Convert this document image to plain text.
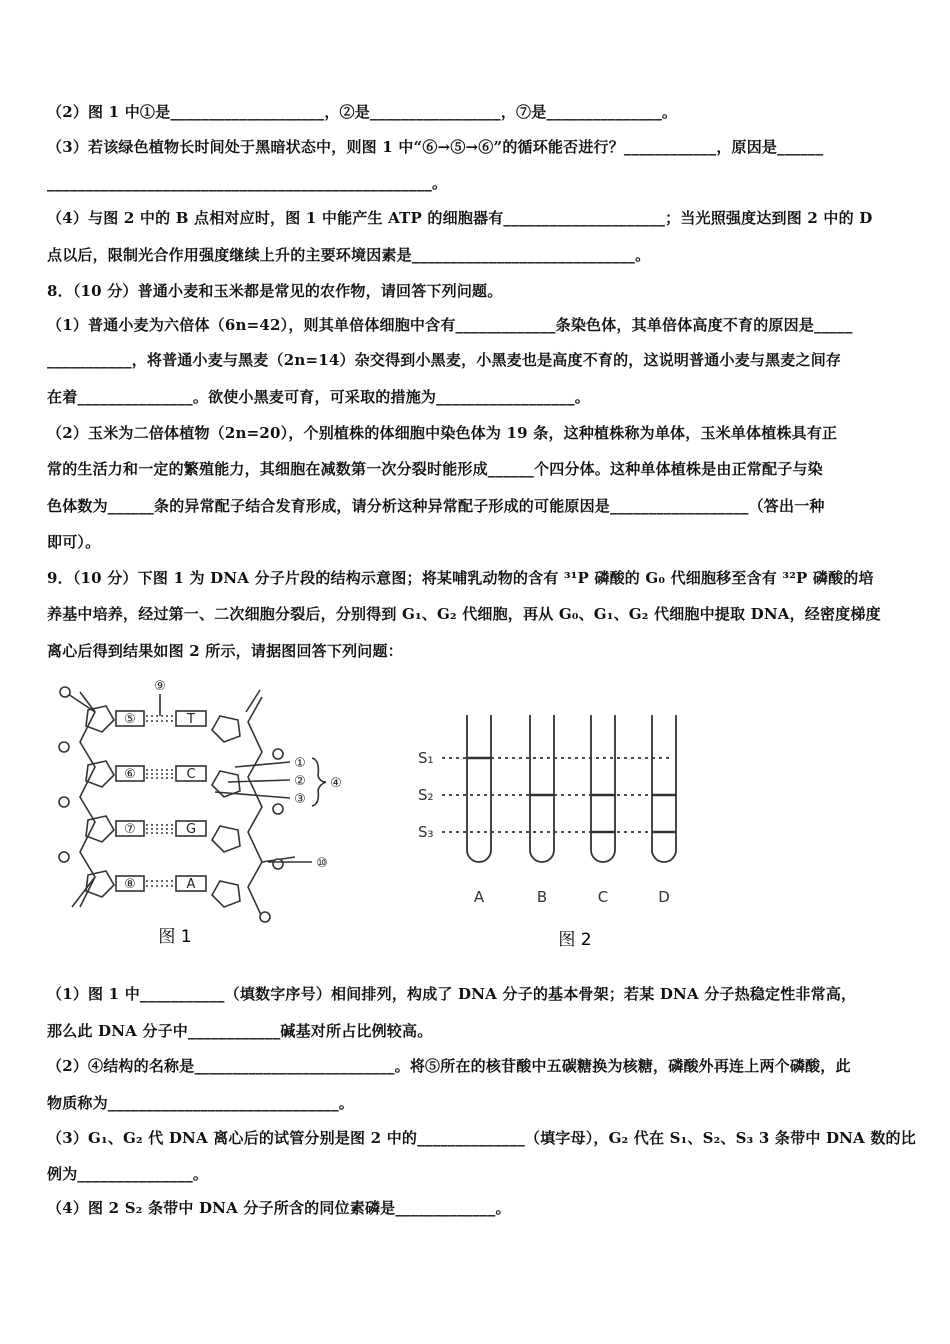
（2）图 1 中①是____________________，②是_________________，⑦是_______________。
（3）若该绿色植物长时间处于黑暗状态中，则图 1 中“⑥→⑤→⑥”的循环能否进行？____________，原因是______
__________________________________________________。
（4）与图 2 中的 B 点相对应时，图 1 中能产生 ATP 的细胞器有_____________________；当光照强度达到图 2 中的 D
点以后，限制光合作用强度继续上升的主要环境因素是_____________________________。
8．（10 分）普通小麦和玉米都是常见的农作物，请回答下列问题。
（1）普通小麦为六倍体（6n=42），则其单倍体细胞中含有_____________条染色体，其单倍体高度不育的原因是_____
___________，将普通小麦与黑麦（2n=14）杂交得到小黑麦，小黑麦也是高度不育的，这说明普通小麦与黑麦之间存
在着_______________。欲使小黑麦可育，可采取的措施为__________________。
（2）玉米为二倍体植物（2n=20），个别植株的体细胞中染色体为 19 条，这种植株称为单体，玉米单体植株具有正
常的生活力和一定的繁殖能力，其细胞在减数第一次分裂时能形成______个四分体。这种单体植株是由正常配子与染
色体数为______条的异常配子结合发育形成，请分析这种异常配子形成的可能原因是__________________（答出一种
即可）。
9．（10 分）下图 1 为 DNA 分子片段的结构示意图；将某哺乳动物的含有 ³¹P 磷酸的 G₀ 代细胞移至含有 ³²P 磷酸的培
养基中培养，经过第一、二次细胞分裂后，分别得到 G₁、G₂ 代细胞，再从 G₀、G₁、G₂ 代细胞中提取 DNA，经密度梯度
离心后得到结果如图 2 所示，请据图回答下列问题：
⑤
⑥
⑦
⑧
T
C
G
A
⑨
①
②
③
④
⑩
图 1
S₁
S₂
S₃
A	B	C	D
图 2
（1）图 1 中___________（填数字序号）相间排列，构成了 DNA 分子的基本骨架；若某 DNA 分子热稳定性非常高，
那么此 DNA 分子中____________碱基对所占比例较高。
（2）④结构的名称是__________________________。将⑤所在的核苷酸中五碳糖换为核糖，磷酸外再连上两个磷酸，此
物质称为______________________________。
（3）G₁、G₂ 代 DNA 离心后的试管分别是图 2 中的______________（填字母），G₂ 代在 S₁、S₂、S₃ 3 条带中 DNA 数的比
例为_______________。
（4）图 2 S₂ 条带中 DNA 分子所含的同位素磷是_____________。
